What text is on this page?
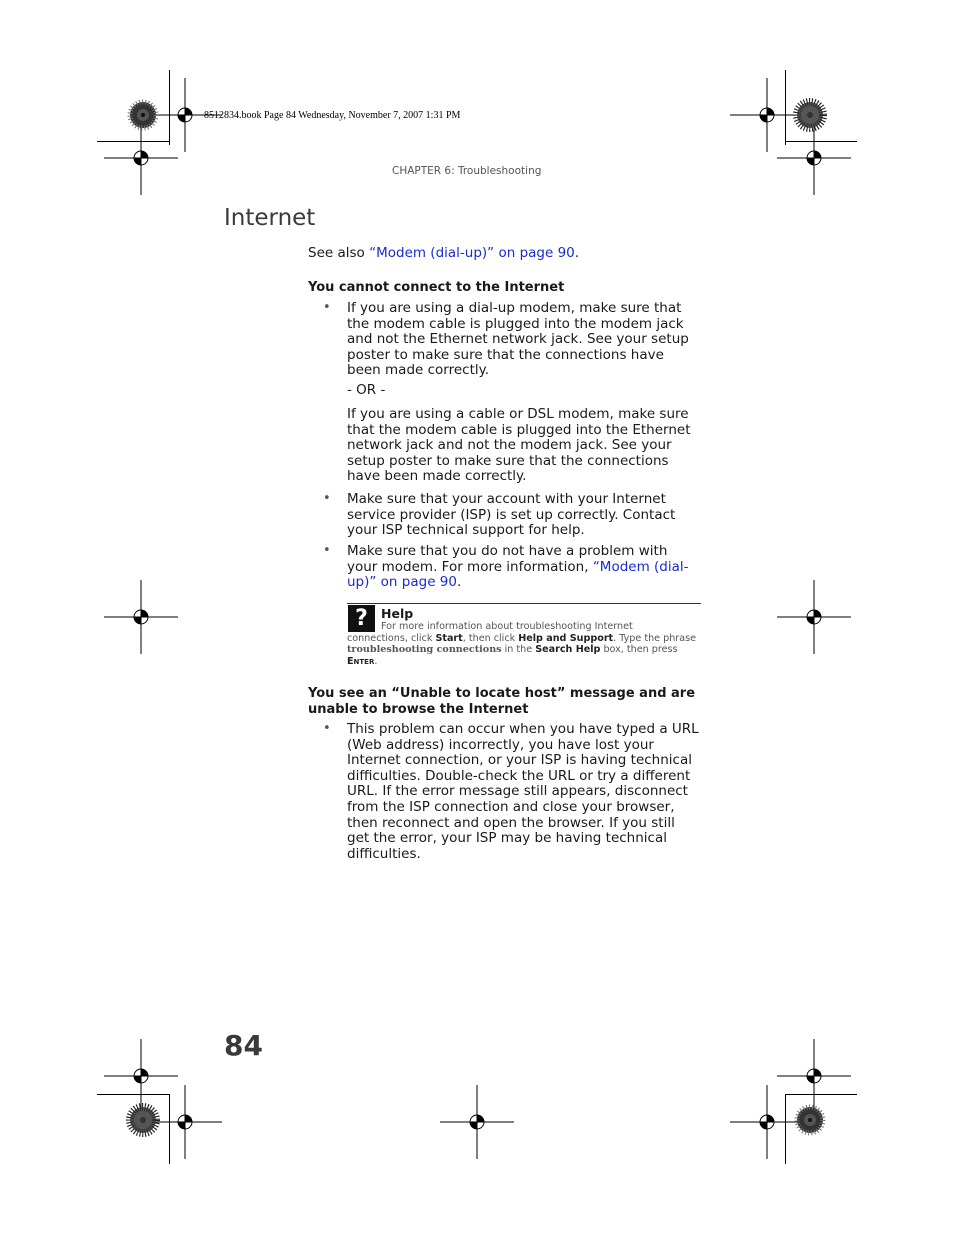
8512834.book Page 84 Wednesday, November 7, 2007 1:31 PM
CHAPTER 6: Troubleshooting
Internet
See also “Modem (dial-up)” on page 90.
You cannot connect to the Internet
• If you are using a dial-up modem, make sure that the modem cable is plugged into the modem jack and not the Ethernet network jack. See your setup poster to make sure that the connections have been made correctly.
- OR -
If you are using a cable or DSL modem, make sure that the modem cable is plugged into the Ethernet network jack and not the modem jack. See your setup poster to make sure that the connections have been made correctly.
• Make sure that your account with your Internet service provider (ISP) is set up correctly. Contact your ISP technical support for help.
• Make sure that you do not have a problem with your modem. For more information, “Modem (dial-up)” on page 90.
?	Help
For more information about troubleshooting Internet
connections, click Start, then click Help and Support. Type the phrase
troubleshooting connections in the Search Help box, then press
Enter.
You see an “Unable to locate host” message and are unable to browse the Internet
• This problem can occur when you have typed a URL (Web address) incorrectly, you have lost your Internet connection, or your ISP is having technical difficulties. Double-check the URL or try a different URL. If the error message still appears, disconnect from the ISP connection and close your browser, then reconnect and open the browser. If you still get the error, your ISP may be having technical difficulties.
84
